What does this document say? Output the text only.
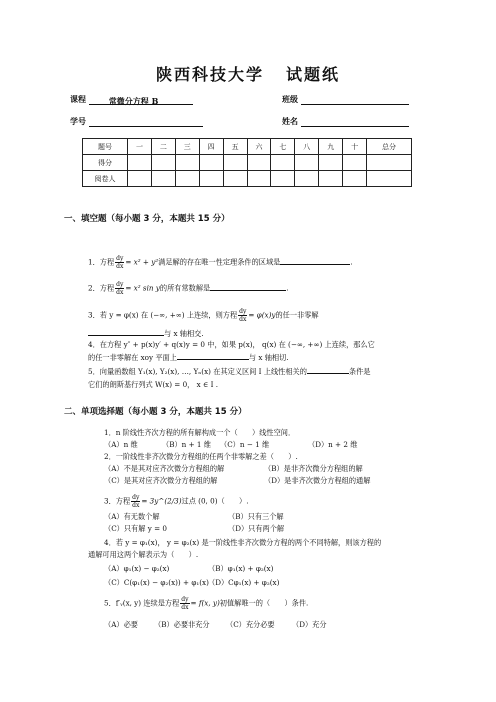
陕西科技大学 试题纸
课程	常微分方程 B	班级
学号	姓名
题号	一	二	三	四	五	六	七	八	九	十	总分
得分											
阅卷人											
一、填空题（每小题 3 分，本题共 15 分）
1．方程 $\frac{dy}{dx} = x^2 + y^2$满足解的存在唯一性定理条件的区域是	.
2．方程 $\frac{dy}{dx} = x^2$ sin y的所有常数解是	.
3．若 y = φ(x) 在 (−∞, +∞) 上连续，则方程 $\frac{dy}{dx} = \varphi(x)y$的任一非零解
与 x 轴相交.
4．在方程 y″ + p(x)y′ + q(x)y = 0 中，如果 p(x)， q(x) 在 (−∞, +∞) 上连续，那么它
的任一非零解在 xoy 平面上	与 x 轴相切.
5．向量函数组 Y₁(x), Y₂(x), …, Yₙ(x) 在其定义区间 I 上线性相关的	条件是
它们的朗斯基行列式 W(x) = 0， x ∈ I .
二、单项选择题（每小题 3 分，本题共 15 分）
1．n 阶线性齐次方程的所有解构成一个（　　）线性空间．
（A）n 维	（B）n + 1 维 （C）n − 1 维	（D）n + 2 维
2．一阶线性非齐次微分方程组的任两个非零解之差（　　）.
（A）不是其对应齐次微分方程组的解	（B）是非齐次微分方程组的解
（C）是其对应齐次微分方程组的解	（D）是非齐次微分方程组的通解
3．方程 $\frac{dy}{dx}$ = 3y^(2/3)过点 (0, 0)（　　）.
（A）有无数个解	（B）只有三个解
（C）只有解 y = 0	（D）只有两个解
4．若 y = φ₁(x)， y = φ₂(x) 是一阶线性非齐次微分方程的两个不同特解，则该方程的
通解可用这两个解表示为（　　）.
（A）φ₁(x) − φ₂(x)	（B）φ₁(x) + φ₂(x)
（C）C(φ₁(x) − φ₂(x)) + φ₁(x)（D）Cφ₁(x) + φ₂(x)
5．f′ᵧ(x, y) 连续是方程 $\frac{dy}{dx} = f(x$, y)初值解唯一的（　　）条件.
（A）必要 （B）必要非充分 （C）充分必要 （D）充分
